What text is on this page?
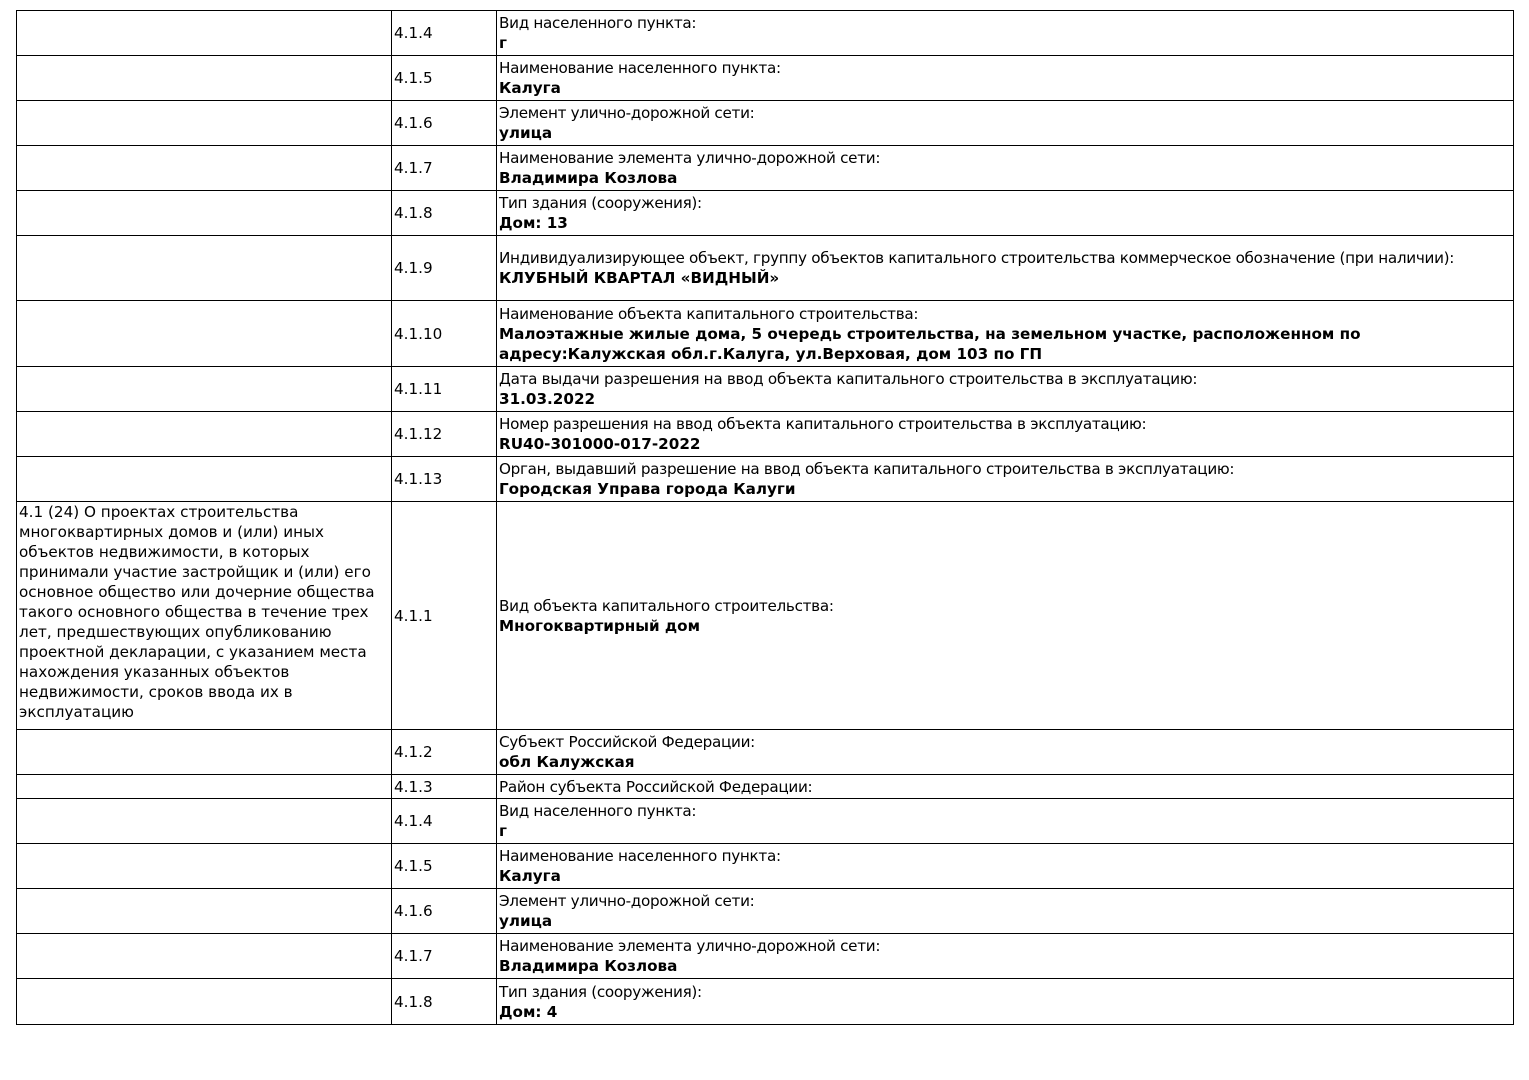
	4.1.4	Вид населенного пункта:
г

	4.1.5	Наименование населенного пункта:
Калуга

	4.1.6	Элемент улично-дорожной сети:
улица

	4.1.7	Наименование элемента улично-дорожной сети:
Владимира Козлова

	4.1.8	Тип здания (сооружения):
Дом: 13

	4.1.9	Индивидуализирующее объект, группу объектов капитального строительства коммерческое обозначение (при наличии):
КЛУБНЫЙ КВАРТАЛ «ВИДНЫЙ»

	4.1.10	Наименование объекта капитального строительства:
Малоэтажные жилые дома, 5 очередь строительства, на земельном участке, расположенном по адресу:Калужская обл.г.Калуга, ул.Верховая, дом 103 по ГП

	4.1.11	Дата выдачи разрешения на ввод объекта капитального строительства в эксплуатацию:
31.03.2022

	4.1.12	Номер разрешения на ввод объекта капитального строительства в эксплуатацию:
RU40-301000-017-2022

	4.1.13	Орган, выдавший разрешение на ввод объекта капитального строительства в эксплуатацию:
Городская Управа города Калуги

4.1 (24) О проектах строительства многоквартирных домов и (или) иных объектов недвижимости, в которых принимали участие застройщик и (или) его основное общество или дочерние общества такого основного общества в течение трех лет, предшествующих опубликованию проектной декларации, с указанием места нахождения указанных объектов недвижимости, сроков ввода их в эксплуатацию	4.1.1	Вид объекта капитального строительства:
Многоквартирный дом

	4.1.2	Субъект Российской Федерации:
обл Калужская

	4.1.3	Район субъекта Российской Федерации:

	4.1.4	Вид населенного пункта:
г

	4.1.5	Наименование населенного пункта:
Калуга

	4.1.6	Элемент улично-дорожной сети:
улица

	4.1.7	Наименование элемента улично-дорожной сети:
Владимира Козлова

	4.1.8	Тип здания (сооружения):
Дом: 4
